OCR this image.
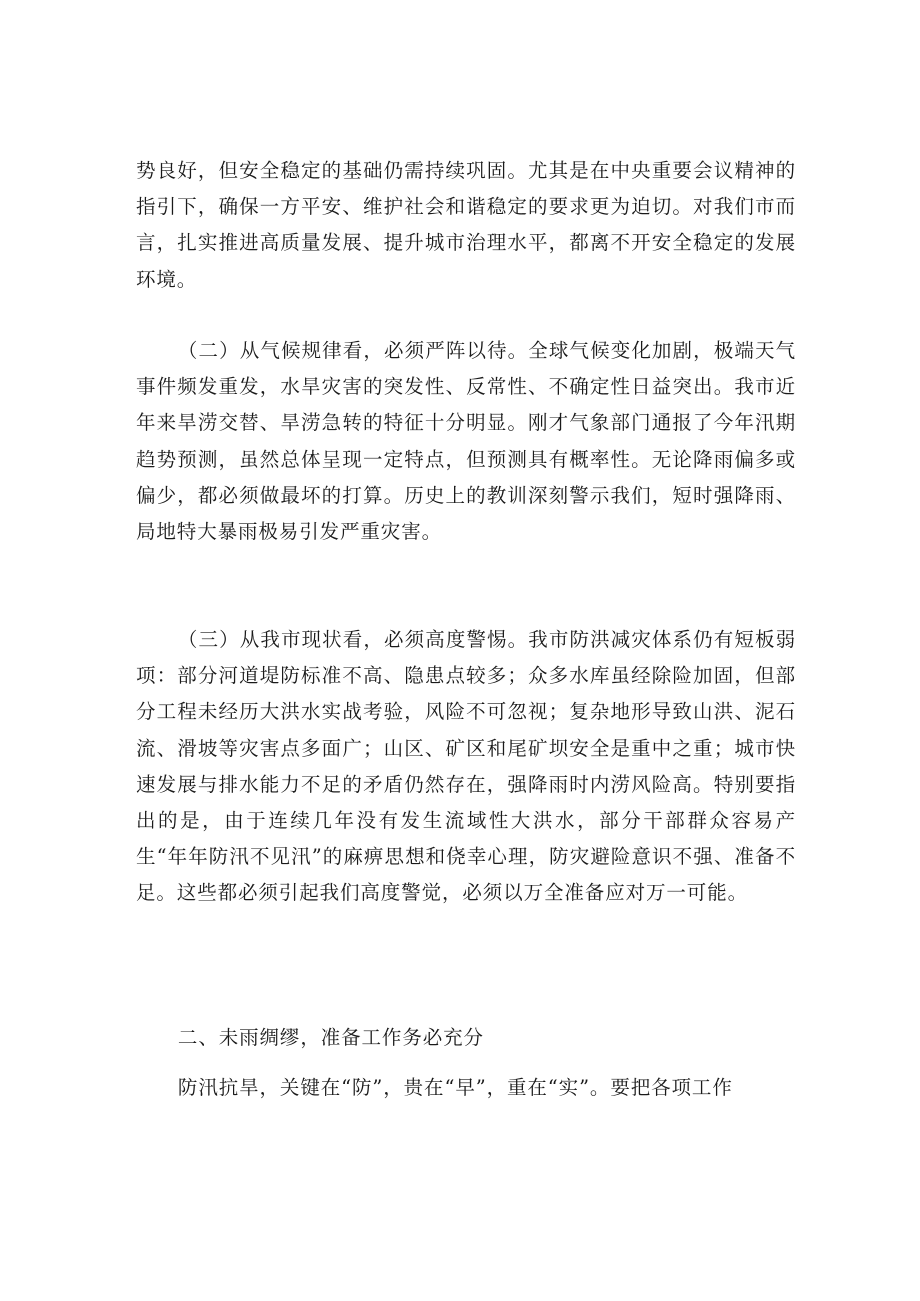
势良好，但安全稳定的基础仍需持续巩固。尤其是在中央重要会议精神的指引下，确保一方平安、维护社会和谐稳定的要求更为迫切。对我们市而言，扎实推进高质量发展、提升城市治理水平，都离不开安全稳定的发展环境。

（二）从气候规律看，必须严阵以待。全球气候变化加剧，极端天气事件频发重发，水旱灾害的突发性、反常性、不确定性日益突出。我市近年来旱涝交替、旱涝急转的特征十分明显。刚才气象部门通报了今年汛期趋势预测，虽然总体呈现一定特点，但预测具有概率性。无论降雨偏多或偏少，都必须做最坏的打算。历史上的教训深刻警示我们，短时强降雨、局地特大暴雨极易引发严重灾害。

（三）从我市现状看，必须高度警惕。我市防洪减灾体系仍有短板弱项：部分河道堤防标准不高、隐患点较多；众多水库虽经除险加固，但部分工程未经历大洪水实战考验，风险不可忽视；复杂地形导致山洪、泥石流、滑坡等灾害点多面广；山区、矿区和尾矿坝安全是重中之重；城市快速发展与排水能力不足的矛盾仍然存在，强降雨时内涝风险高。特别要指出的是，由于连续几年没有发生流域性大洪水，部分干部群众容易产生“年年防汛不见汛”的麻痹思想和侥幸心理，防灾避险意识不强、准备不足。这些都必须引起我们高度警觉，必须以万全准备应对万一可能。

二、未雨绸缪，准备工作务必充分

防汛抗旱，关键在“防”，贵在“早”，重在“实”。要把各项工作
